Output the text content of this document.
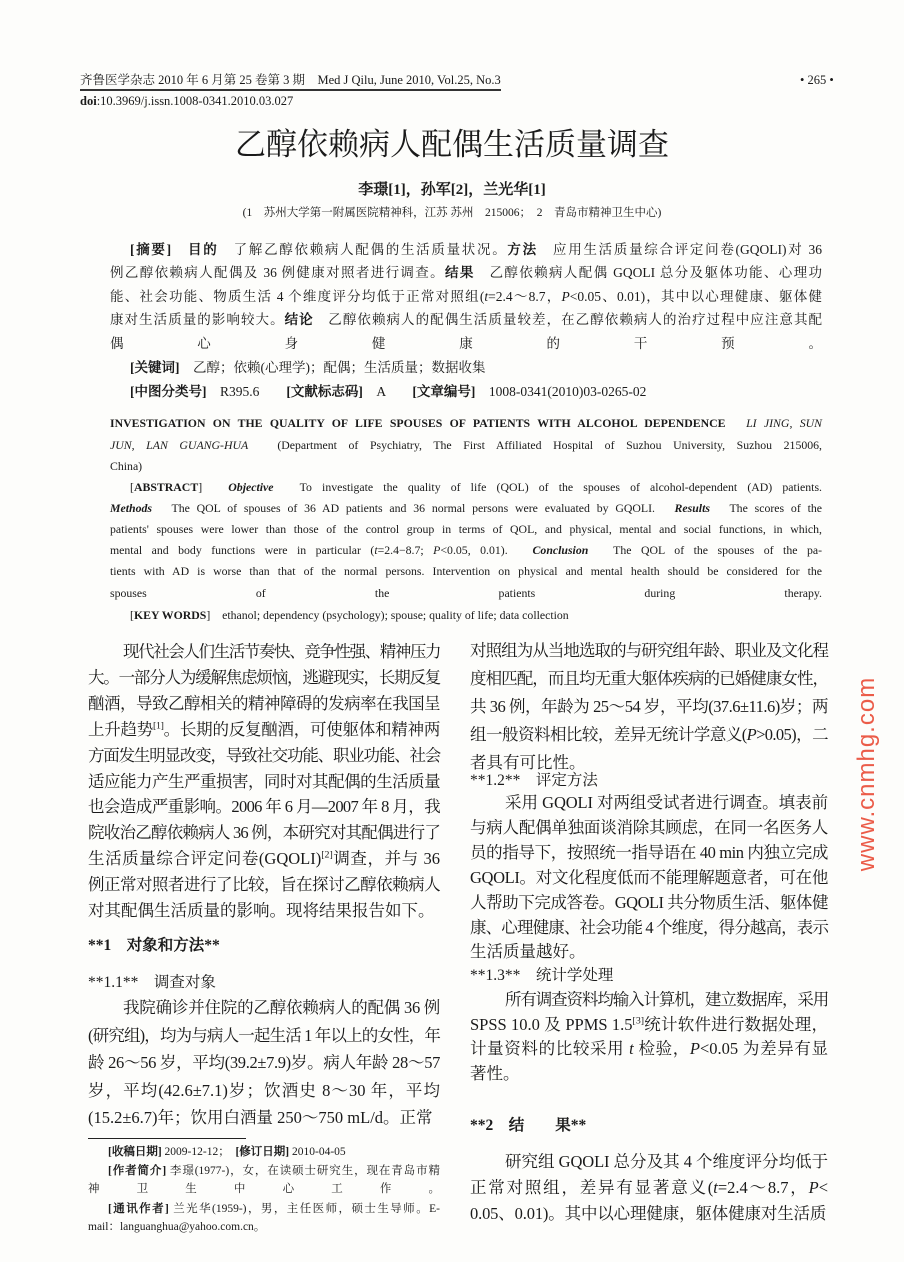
www.cnmhg.com
齐鲁医学杂志 2010 年 6 月第 25 卷第 3 期　Med J Qilu, June 2010, Vol.25, No.3	• 265 •
doi:10.3969/j.issn.1008-0341.2010.03.027
乙醇依赖病人配偶生活质量调查
李璟[1]，孙军[2]，兰光华[1]
(1　苏州大学第一附属医院精神科，江苏 苏州　215006；　2　青岛市精神卫生中心)
[摘要]　目的　了解乙醇依赖病人配偶的生活质量状况。方法　应用生活质量综合评定问卷(GQOLI)对 36
例乙醇依赖病人配偶及 36 例健康对照者进行调查。结果　乙醇依赖病人配偶 GQOLI 总分及躯体功能、心理功
能、社会功能、物质生活 4 个维度评分均低于正常对照组(t=2.4～8.7，P<0.05、0.01)，其中以心理健康、躯体健
康对生活质量的影响较大。结论　乙醇依赖病人的配偶生活质量较差，在乙醇依赖病人的治疗过程中应注意其配
偶心身健康的干预。
[关键词]　乙醇；依赖(心理学)；配偶；生活质量；数据收集
[中图分类号]　R395.6　　[文献标志码]　A　　[文章编号]　1008-0341(2010)03-0265-02
INVESTIGATION ON THE QUALITY OF LIFE SPOUSES OF PATIENTS WITH ALCOHOL DEPENDENCE　 LI JING, SUN
JUN, LAN GUANG-HUA　(Department of Psychiatry, The First Affiliated Hospital of Suzhou University, Suzhou 215006,
China)
[ABSTRACT]　Objective　To investigate the quality of life (QOL) of the spouses of alcohol-dependent (AD) patients.
Methods　The QOL of spouses of 36 AD patients and 36 normal persons were evaluated by GQOLI.　Results　The scores of the
patients' spouses were lower than those of the control group in terms of QOL, and physical, mental and social functions, in which,
mental and body functions were in particular (t=2.4−8.7; P<0.05, 0.01).　Conclusion　The QOL of the spouses of the pa-
tients with AD is worse than that of the normal persons. Intervention on physical and mental health should be considered for the
spouses of the patients during therapy.
[KEY WORDS]　ethanol; dependency (psychology); spouse; quality of life; data collection
现代社会人们生活节奏快、竞争性强、精神压力
大。一部分人为缓解焦虑烦恼，逃避现实，长期反复
酗酒，导致乙醇相关的精神障碍的发病率在我国呈
上升趋势[1]。长期的反复酗酒，可使躯体和精神两
方面发生明显改变，导致社交功能、职业功能、社会
适应能力产生严重损害，同时对其配偶的生活质量
也会造成严重影响。2006 年 6 月—2007 年 8 月，我
院收治乙醇依赖病人 36 例，本研究对其配偶进行了
生活质量综合评定问卷(GQOLI)[2]调查，并与 36
例正常对照者进行了比较，旨在探讨乙醇依赖病人
对其配偶生活质量的影响。现将结果报告如下。
**1　对象和方法**
**1.1**　调查对象
我院确诊并住院的乙醇依赖病人的配偶 36 例
(研究组)，均为与病人一起生活 1 年以上的女性，年
龄 26～56 岁，平均(39.2±7.9)岁。病人年龄 28～57
岁，平均(42.6±7.1)岁；饮酒史 8～30 年，平均
(15.2±6.7)年；饮用白酒量 250～750 mL/d。正常
对照组为从当地选取的与研究组年龄、职业及文化程
度相匹配，而且均无重大躯体疾病的已婚健康女性，
共 36 例，年龄为 25～54 岁，平均(37.6±11.6)岁；两
组一般资料相比较，差异无统计学意义(P>0.05)，二
者具有可比性。
**1.2**　评定方法
采用 GQOLI 对两组受试者进行调查。填表前
与病人配偶单独面谈消除其顾虑，在同一名医务人
员的指导下，按照统一指导语在 40 min 内独立完成
GQOLI。对文化程度低而不能理解题意者，可在他
人帮助下完成答卷。GQOLI 共分物质生活、躯体健
康、心理健康、社会功能 4 个维度，得分越高，表示
生活质量越好。
**1.3**　统计学处理
所有调查资料均输入计算机，建立数据库，采用
SPSS 10.0 及 PPMS 1.5[3]统计软件进行数据处理，
计量资料的比较采用 t 检验，P<0.05 为差异有显
著性。
**2　结　　果**
研究组 GQOLI 总分及其 4 个维度评分均低于
正常对照组，差异有显著意义(t=2.4～8.7，P<
0.05、0.01)。其中以心理健康，躯体健康对生活质
[收稿日期] 2009-12-12；　[修订日期] 2010-04-05
[作者简介] 李璟(1977-)，女，在读硕士研究生，现在青岛市精
神卫生中心工作。
[通讯作者] 兰光华(1959-)，男，主任医师，硕士生导师。E-
mail：languanghua@yahoo.com.cn。
